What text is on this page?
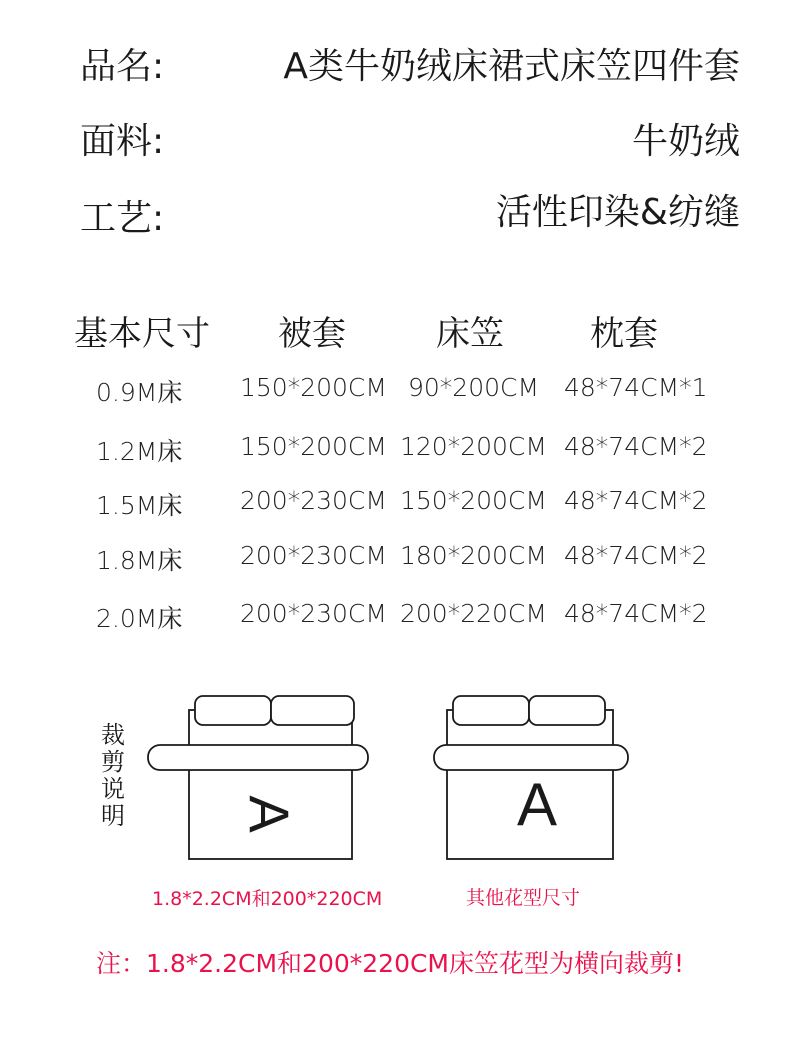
品名:	A类牛奶绒床裙式床笠四件套
面料:	牛奶绒
工艺:	活性印染&纺缝
基本尺寸 被套	床笠	枕套
0.9M床 150*200CM 90*200CM 48*74CM*1
1.2M床 150*200CM 120*200CM 48*74CM*2
1.5M床 200*230CM 150*200CM 48*74CM*2
1.8M床 200*230CM 180*200CM 48*74CM*2
2.0M床 200*230CM 200*220CM 48*74CM*2
裁剪说明 A	A
1.8*2.2CM和200*220CM	其他花型尺寸
注：1.8*2.2CM和200*220CM床笠花型为横向裁剪!
